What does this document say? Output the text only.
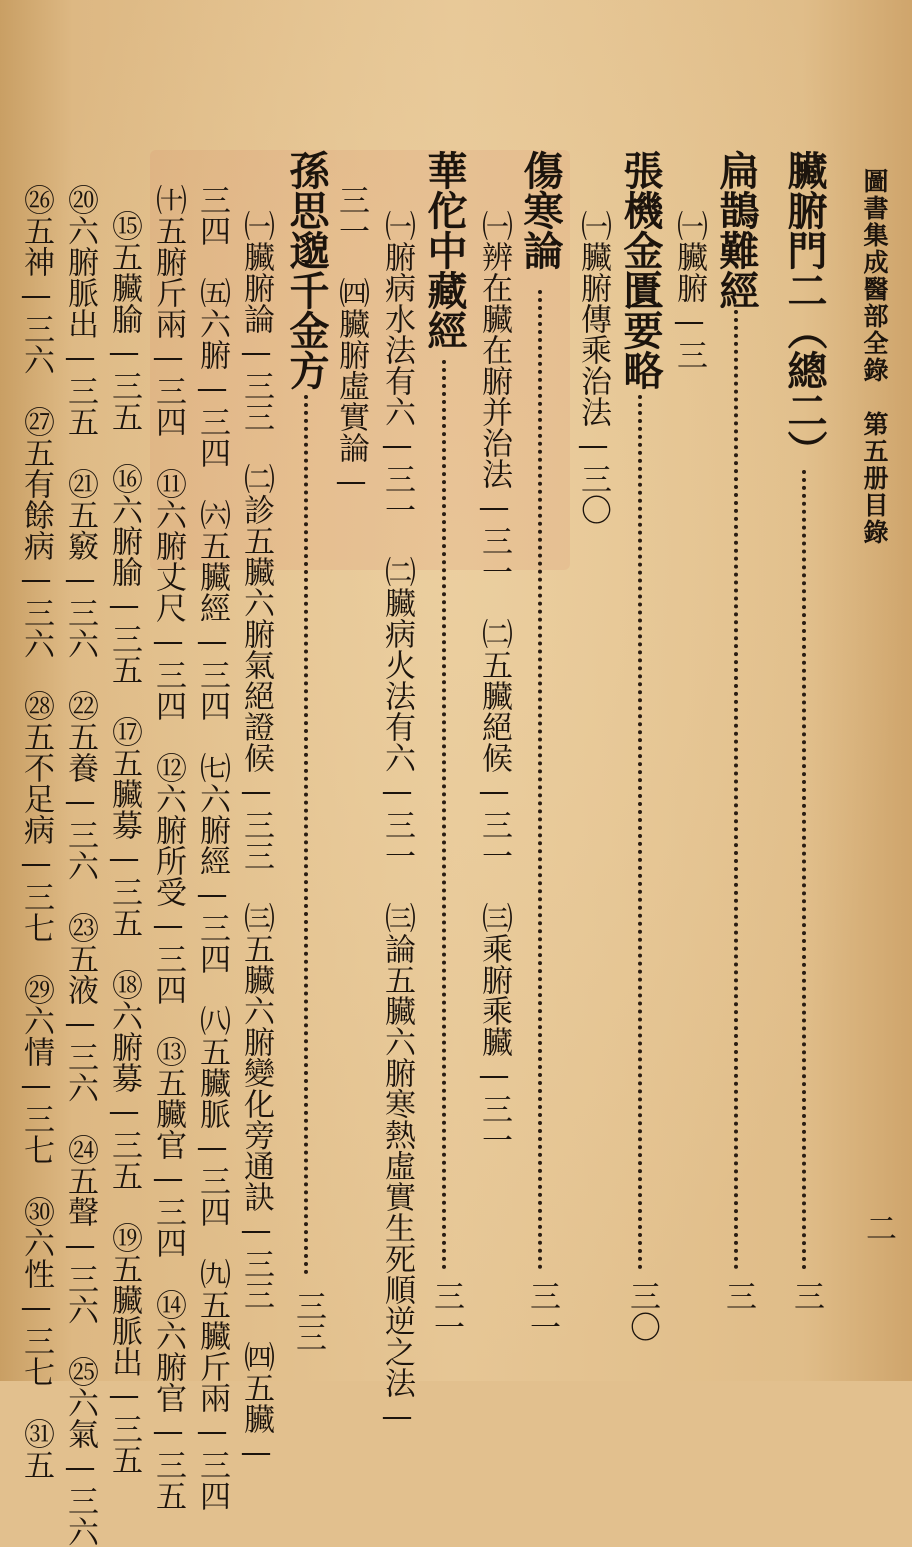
圖書集成醫部全錄　第五册目錄
二
臟腑門二（總二）
三
扁鵲難經
三
㈠臟腑—三
張機金匱要略
三〇
㈠臟腑傳乘治法—三〇
傷寒論
三一
㈠辨在臟在腑并治法—三一　㈡五臟絕候—三一　㈢乘腑乘臟—三一
華佗中藏經
三一
㈠腑病水法有六—三一　㈡臟病火法有六—三一　㈢論五臟六腑寒熱虛實生死順逆之法—
三一　㈣臟腑虛實論—
孫思邈千金方
三三
㈠臟腑論—三三　㈡診五臟六腑氣絕證候—三三　㈢五臟六腑變化旁通訣—三三　㈣五臟—
三四　㈤六腑—三四　㈥五臟經—三四　㈦六腑經—三四　㈧五臟脈—三四　㈨五臟斤兩—三四
㈩五腑斤兩—三四　⑪六腑丈尺—三四　⑫六腑所受—三四　⑬五臟官—三四　⑭六腑官—三五
⑮五臟腧—三五　⑯六腑腧—三五　⑰五臟募—三五　⑱六腑募—三五　⑲五臟脈出—三五
⑳六腑脈出—三五　㉑五竅—三六　㉒五養—三六　㉓五液—三六　㉔五聲—三六　㉕六氣—三六
㉖五神—三六　㉗五有餘病—三六　㉘五不足病—三七　㉙六情—三七　㉚六性—三七　㉛五
